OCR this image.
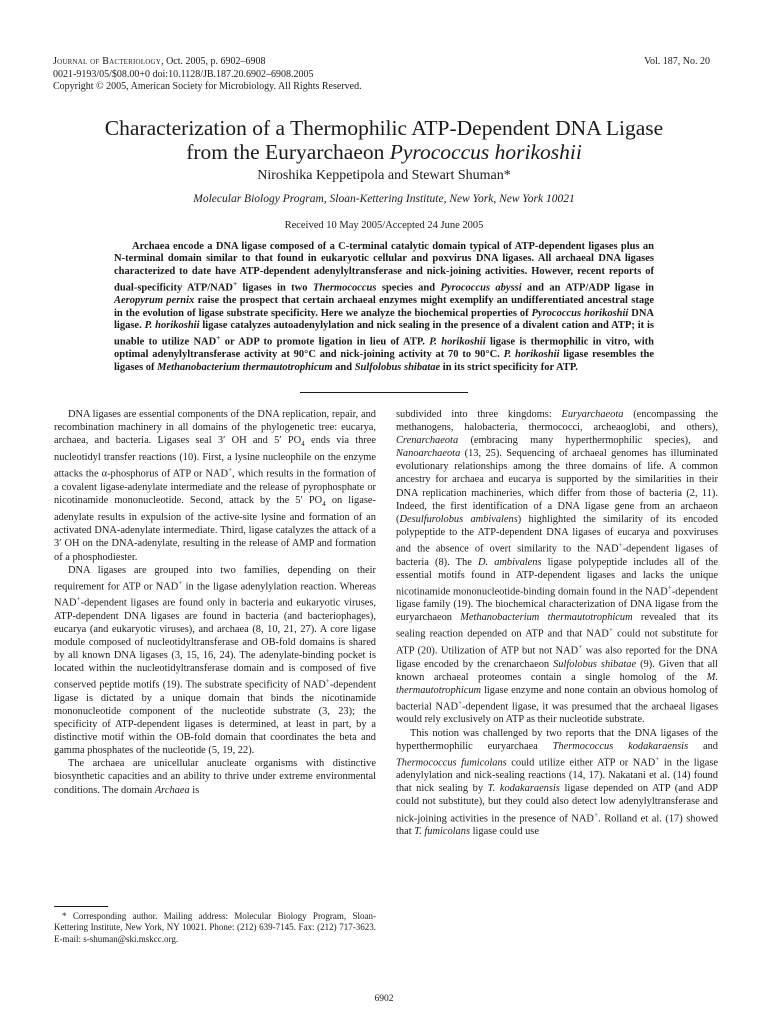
Journal of Bacteriology, Oct. 2005, p. 6902–6908
0021-9193/05/$08.00+0 doi:10.1128/JB.187.20.6902–6908.2005
Copyright © 2005, American Society for Microbiology. All Rights Reserved.
Vol. 187, No. 20
Characterization of a Thermophilic ATP-Dependent DNA Ligase
from the Euryarchaeon Pyrococcus horikoshii
Niroshika Keppetipola and Stewart Shuman*
Molecular Biology Program, Sloan-Kettering Institute, New York, New York 10021
Received 10 May 2005/Accepted 24 June 2005

Archaea encode a DNA ligase composed of a C-terminal catalytic domain typical of ATP-dependent ligases plus an N-terminal domain similar to that found in eukaryotic cellular and poxvirus DNA ligases. All archaeal DNA ligases characterized to date have ATP-dependent adenylyltransferase and nick-joining activities. However, recent reports of dual-specificity ATP/NAD+ ligases in two Thermococcus species and Pyrococcus abyssi and an ATP/ADP ligase in Aeropyrum pernix raise the prospect that certain archaeal enzymes might exemplify an undifferentiated ancestral stage in the evolution of ligase substrate specificity. Here we analyze the biochemical properties of Pyrococcus horikoshii DNA ligase. P. horikoshii ligase catalyzes autoadenylylation and nick sealing in the presence of a divalent cation and ATP; it is unable to utilize NAD+ or ADP to promote ligation in lieu of ATP. P. horikoshii ligase is thermophilic in vitro, with optimal adenylyltransferase activity at 90°C and nick-joining activity at 70 to 90°C. P. horikoshii ligase resembles the ligases of Methanobacterium thermautotrophicum and Sulfolobus shibatae in its strict specificity for ATP.

DNA ligases are essential components of the DNA replication, repair, and recombination machinery in all domains of the phylogenetic tree: eucarya, archaea, and bacteria. Ligases seal 3′ OH and 5′ $PO_4$ ends via three nucleotidyl transfer reactions (10). First, a lysine nucleophile on the enzyme attacks the α-phosphorus of ATP or NAD+, which results in the formation of a covalent ligase-adenylate intermediate and the release of pyrophosphate or nicotinamide mononucleotide. Second, attack by the 5′ $PO_4$ on ligase-adenylate results in expulsion of the active-site lysine and formation of an activated DNA-adenylate intermediate. Third, ligase catalyzes the attack of a 3′ OH on the DNA-adenylate, resulting in the release of AMP and formation of a phosphodiester.

DNA ligases are grouped into two families, depending on their requirement for ATP or NAD+ in the ligase adenylylation reaction. Whereas NAD+-dependent ligases are found only in bacteria and eukaryotic viruses, ATP-dependent DNA ligases are found in bacteria (and bacteriophages), eucarya (and eukaryotic viruses), and archaea (8, 10, 21, 27). A core ligase module composed of nucleotidyltransferase and OB-fold domains is shared by all known DNA ligases (3, 15, 16, 24). The adenylate-binding pocket is located within the nucleotidyltransferase domain and is composed of five conserved peptide motifs (19). The substrate specificity of NAD+-dependent ligase is dictated by a unique domain that binds the nicotinamide mononucleotide component of the nucleotide substrate (3, 23); the specificity of ATP-dependent ligases is determined, at least in part, by a distinctive motif within the OB-fold domain that coordinates the beta and gamma phosphates of the nucleotide (5, 19, 22).

The archaea are unicellular anucleate organisms with distinctive biosynthetic capacities and an ability to thrive under extreme environmental conditions. The domain Archaea is

subdivided into three kingdoms: Euryarchaeota (encompassing the methanogens, halobacteria, thermococci, archeaoglobi, and others), Crenarchaeota (embracing many hyperthermophilic species), and Nanoarchaeota (13, 25). Sequencing of archaeal genomes has illuminated evolutionary relationships among the three domains of life. A common ancestry for archaea and eucarya is supported by the similarities in their DNA replication machineries, which differ from those of bacteria (2, 11). Indeed, the first identification of a DNA ligase gene from an archaeon (Desulfurolobus ambivalens) highlighted the similarity of its encoded polypeptide to the ATP-dependent DNA ligases of eucarya and poxviruses and the absence of overt similarity to the NAD+-dependent ligases of bacteria (8). The D. ambivalens ligase polypeptide includes all of the essential motifs found in ATP-dependent ligases and lacks the unique nicotinamide mononucleotide-binding domain found in the NAD+-dependent ligase family (19). The biochemical characterization of DNA ligase from the euryarchaeon Methanobacterium thermautotrophicum revealed that its sealing reaction depended on ATP and that NAD+ could not substitute for ATP (20). Utilization of ATP but not NAD+ was also reported for the DNA ligase encoded by the crenarchaeon Sulfolobus shibatae (9). Given that all known archaeal proteomes contain a single homolog of the M. thermautotrophicum ligase enzyme and none contain an obvious homolog of bacterial NAD+-dependent ligase, it was presumed that the archaeal ligases would rely exclusively on ATP as their nucleotide substrate.

This notion was challenged by two reports that the DNA ligases of the hyperthermophilic euryarchaea Thermococcus kodakaraensis and Thermococcus fumicolans could utilize either ATP or NAD+ in the ligase adenylylation and nick-sealing reactions (14, 17). Nakatani et al. (14) found that nick sealing by T. kodakaraensis ligase depended on ATP (and ADP could not substitute), but they could also detect low adenylyltransferase and nick-joining activities in the presence of NAD+. Rolland et al. (17) showed that T. fumicolans ligase could use

* Corresponding author. Mailing address: Molecular Biology Program, Sloan-Kettering Institute, New York, NY 10021. Phone: (212) 639-7145. Fax: (212) 717-3623. E-mail: s-shuman@ski.mskcc.org.
6902
